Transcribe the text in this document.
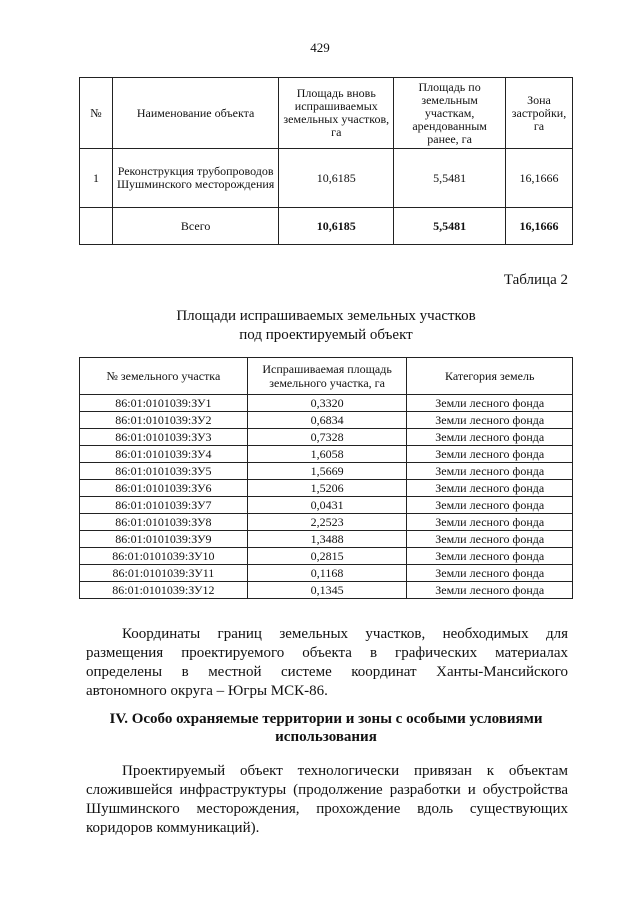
429
№	Наименование объекта	Площадь вновь испрашиваемых земельных участков, га	Площадь по земельным участкам, арендованным ранее, га	Зона застройки, га
1	Реконструкция трубопроводов Шушминского месторождения	10,6185	5,5481	16,1666
	Всего	10,6185	5,5481	16,1666
Таблица 2
Площади испрашиваемых земельных участков
под проектируемый объект
№ земельного участка	Испрашиваемая площадь земельного участка, га	Категория земель
86:01:0101039:ЗУ1	0,3320	Земли лесного фонда
86:01:0101039:ЗУ2	0,6834	Земли лесного фонда
86:01:0101039:ЗУ3	0,7328	Земли лесного фонда
86:01:0101039:ЗУ4	1,6058	Земли лесного фонда
86:01:0101039:ЗУ5	1,5669	Земли лесного фонда
86:01:0101039:ЗУ6	1,5206	Земли лесного фонда
86:01:0101039:ЗУ7	0,0431	Земли лесного фонда
86:01:0101039:ЗУ8	2,2523	Земли лесного фонда
86:01:0101039:ЗУ9	1,3488	Земли лесного фонда
86:01:0101039:ЗУ10	0,2815	Земли лесного фонда
86:01:0101039:ЗУ11	0,1168	Земли лесного фонда
86:01:0101039:ЗУ12	0,1345	Земли лесного фонда
Координаты границ земельных участков, необходимых для размещения проектируемого объекта в графических материалах определены в местной системе координат Ханты-Мансийского автономного округа – Югры МСК-86.
IV. Особо охраняемые территории и зоны с особыми условиями использования
Проектируемый объект технологически привязан к объектам сложившейся инфраструктуры (продолжение разработки и обустройства Шушминского месторождения, прохождение вдоль существующих коридоров коммуникаций).
